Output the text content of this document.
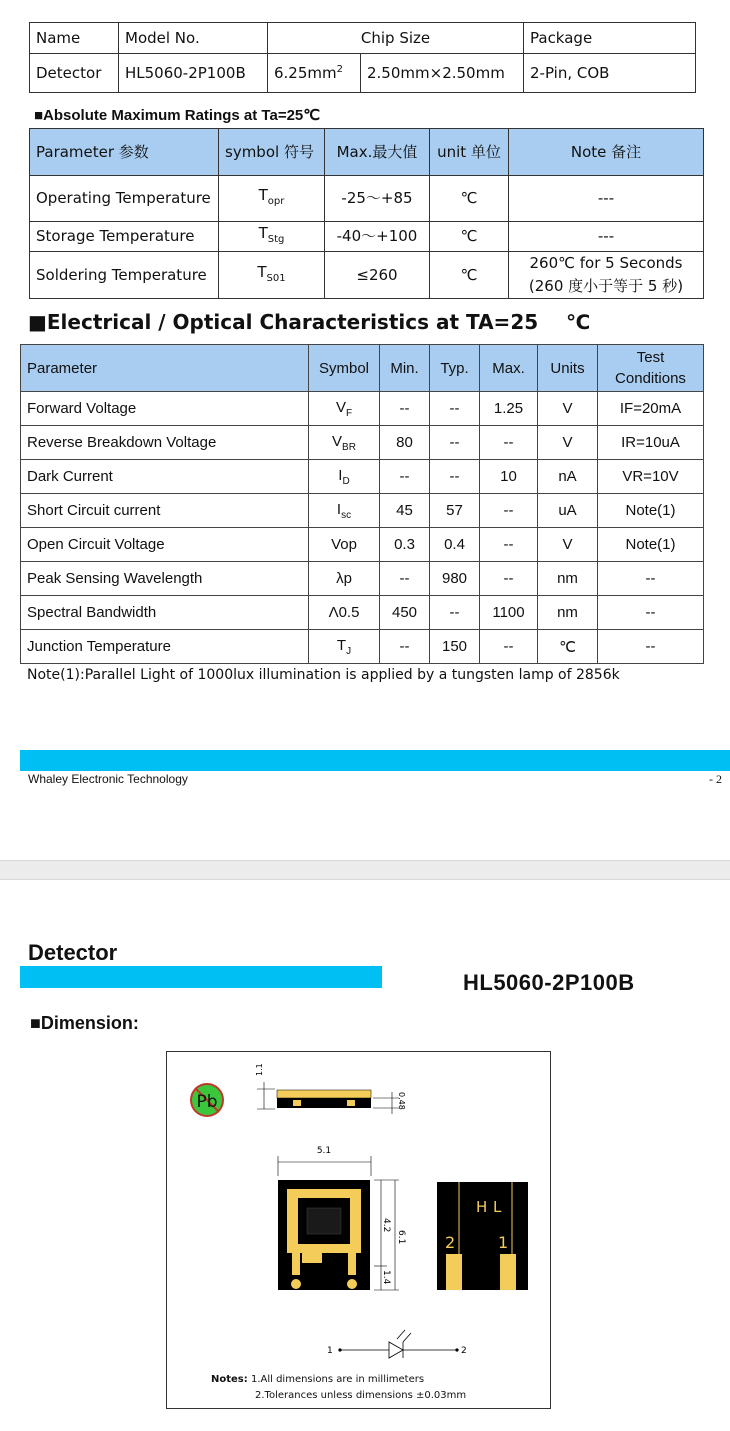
Name	Model No.	Chip Size		Package
Detector	HL5060-2P100B	$6.25mm^2$	2.50mm×2.50mm	2-Pin, COB
■Absolute Maximum Ratings at Ta=25℃
Parameter 参数	symbol 符号	Max.最大值	unit 单位	Note 备注
Operating Temperature	$T_{opr}$	-25～+85	℃	---
Storage Temperature	$T_{Stg}$	-40～+100	℃	---
Soldering Temperature	$T_{S01}$	≤260	℃	260℃ for 5 Seconds (260 度小于等于 5 秒)
■Electrical / Optical Characteristics at TA=25 ℃
Parameter	Symbol	Min.	Typ.	Max.	Units	Test Conditions
Forward Voltage	$V_F$	--	--	1.25	V	IF=20mA
Reverse Breakdown Voltage	$V_{BR}$	80	--	--	V	IR=10uA
Dark Current	$I_D$	--	--	10	nA	VR=10V
Short Circuit current	$I_{sc}$	45	57	--	uA	Note(1)
Open Circuit Voltage	Vop	0.3	0.4	--	V	Note(1)
Peak Sensing Wavelength	λp	--	980	--	nm	--
Spectral Bandwidth	Λ0.5	450	--	1100	nm	--
Junction Temperature	$T_J$	--	150	--	℃	--
Note(1):Parallel Light of 1000lux illumination is applied by a tungsten lamp of 2856k
Whaley Electronic Technology	- 2
Detector
HL5060-2P100B
■Dimension:
Pb
1.1
0.48
5.1
4.2
6.1
1.4
H L
2	1
1	2
Notes: 1.All dimensions are in millimeters
2.Tolerances unless dimensions ±0.03mm
